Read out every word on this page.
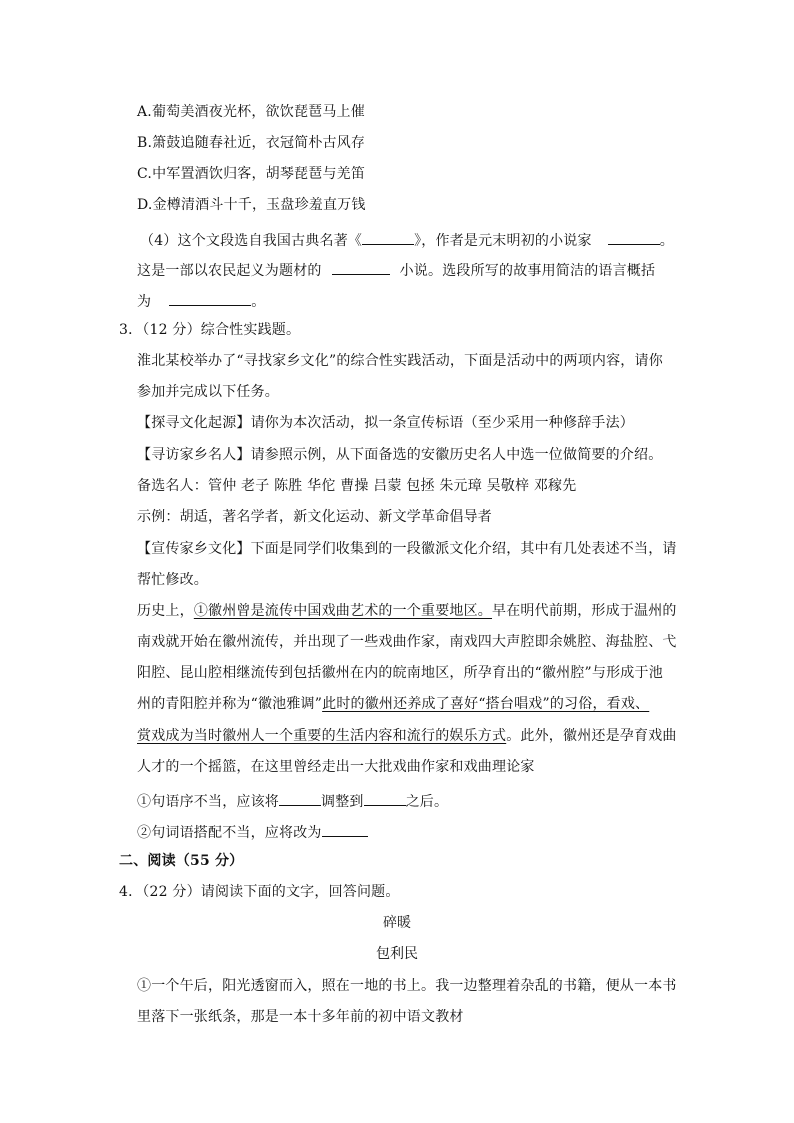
A.葡萄美酒夜光杯，欲饮琵琶马上催
B.箫鼓追随春社近，衣冠简朴古风存
C.中军置酒饮归客，胡琴琵琶与羌笛
D.金樽清酒斗十千，玉盘珍羞直万钱
（4）这个文段选自我国古典名著《	》，作者是元末明初的小说家	。
这是一部以农民起义为题材的	小说。选段所写的故事用简洁的语言概括
为	。
3．（12 分）综合性实践题。
淮北某校举办了“寻找家乡文化”的综合性实践活动，下面是活动中的两项内容，请你
参加并完成以下任务。
【探寻文化起源】请你为本次活动，拟一条宣传标语（至少采用一种修辞手法）
【寻访家乡名人】请参照示例，从下面备选的安徽历史名人中选一位做简要的介绍。
备选名人：管仲 老子 陈胜 华佗 曹操 吕蒙 包拯 朱元璋 吴敬梓 邓稼先
示例：胡适，著名学者，新文化运动、新文学革命倡导者
【宣传家乡文化】下面是同学们收集到的一段徽派文化介绍，其中有几处表述不当，请
帮忙修改。
历史上，①徽州曾是流传中国戏曲艺术的一个重要地区。早在明代前期，形成于温州的
南戏就开始在徽州流传，并出现了一些戏曲作家，南戏四大声腔即余姚腔、海盐腔、弋
阳腔、昆山腔相继流传到包括徽州在内的皖南地区，所孕育出的“徽州腔”与形成于池
州的青阳腔并称为“徽池雅调”此时的徽州还养成了喜好“搭台唱戏”的习俗，看戏、
赏戏成为当时徽州人一个重要的生活内容和流行的娱乐方式。此外，徽州还是孕育戏曲
人才的一个摇篮，在这里曾经走出一大批戏曲作家和戏曲理论家
①句语序不当，应该将	调整到	之后。
②句词语搭配不当，应将改为
二、阅读（55 分）
4．（22 分）请阅读下面的文字，回答问题。
碎暖
包利民
①一个午后，阳光透窗而入，照在一地的书上。我一边整理着杂乱的书籍，便从一本书
里落下一张纸条，那是一本十多年前的初中语文教材
